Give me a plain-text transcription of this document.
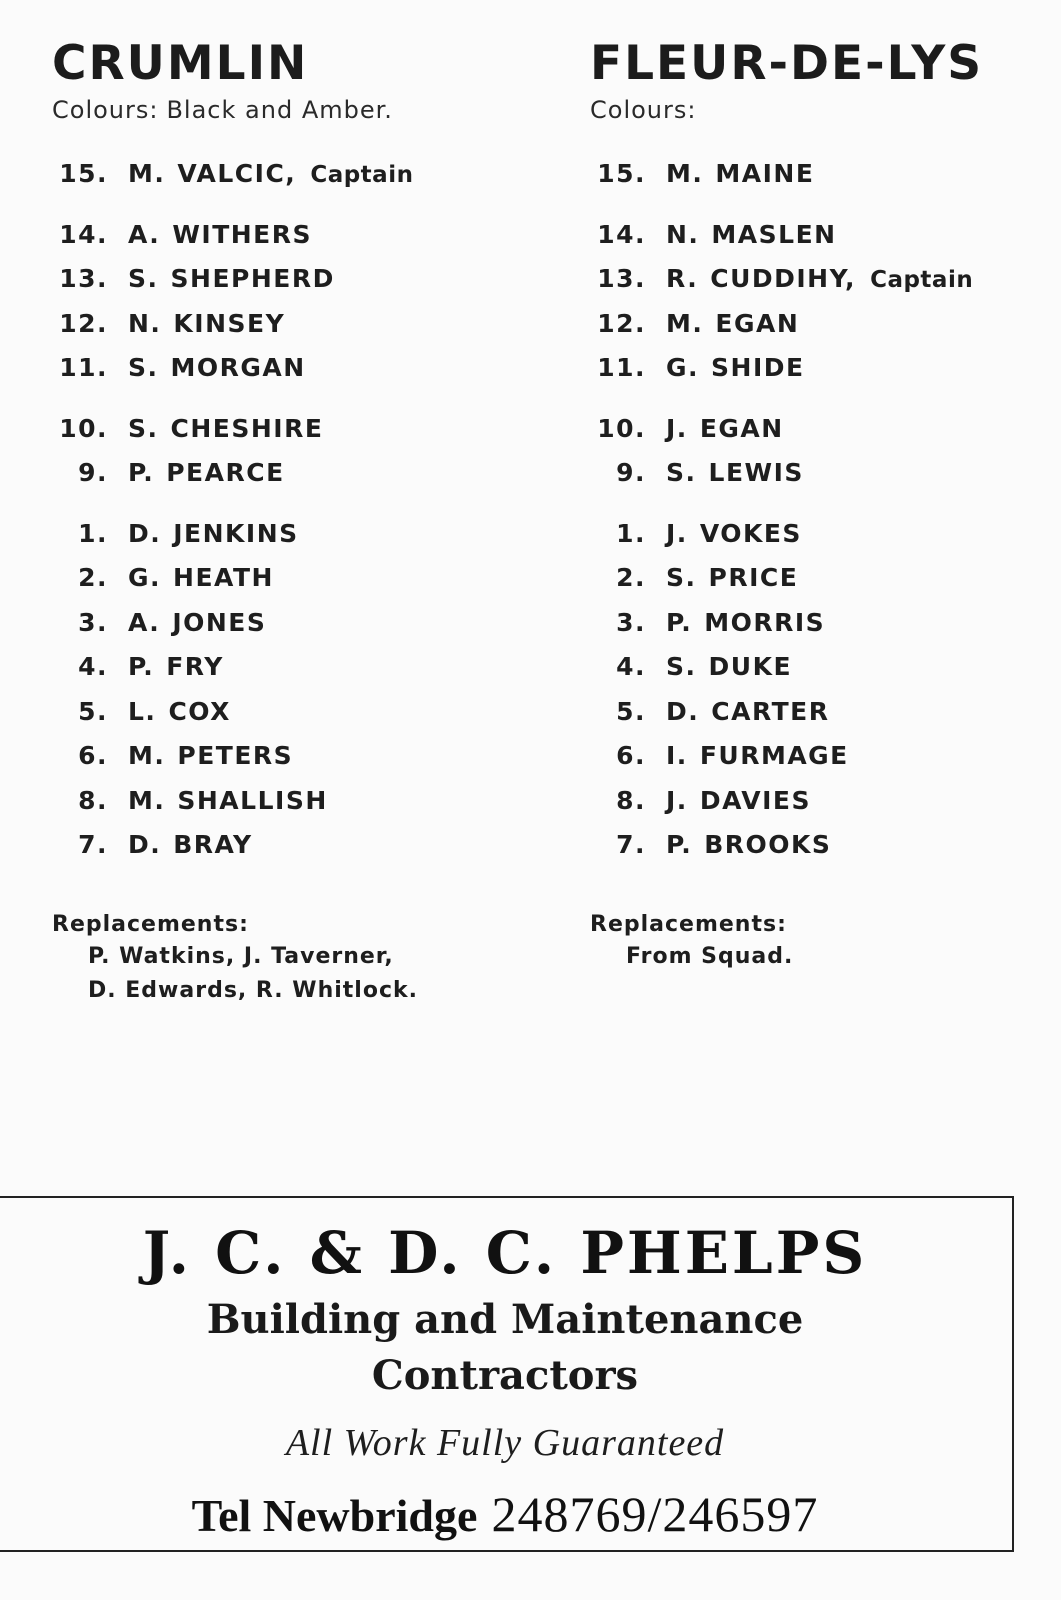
CRUMLIN
Colours: Black and Amber.
15. M. VALCIC, Captain
14. A. WITHERS
13. S. SHEPHERD
12. N. KINSEY
11. S. MORGAN
10. S. CHESHIRE
9. P. PEARCE
1. D. JENKINS
2. G. HEATH
3. A. JONES
4. P. FRY
5. L. COX
6. M. PETERS
8. M. SHALLISH
7. D. BRAY
Replacements:
P. Watkins, J. Taverner,
D. Edwards, R. Whitlock.
FLEUR-DE-LYS
Colours:
15. M. MAINE
14. N. MASLEN
13. R. CUDDIHY, Captain
12. M. EGAN
11. G. SHIDE
10. J. EGAN
9. S. LEWIS
1. J. VOKES
2. S. PRICE
3. P. MORRIS
4. S. DUKE
5. D. CARTER
6. I. FURMAGE
8. J. DAVIES
7. P. BROOKS
Replacements:
From Squad.
J. C. & D. C. PHELPS
Building and Maintenance
Contractors
All Work Fully Guaranteed
Tel Newbridge 248769/246597
